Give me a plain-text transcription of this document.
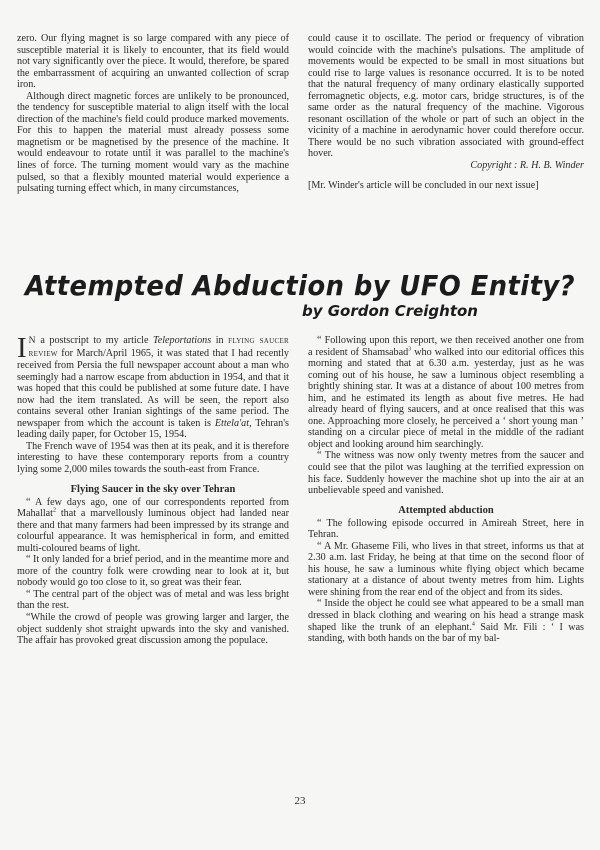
zero. Our flying magnet is so large compared with any piece of susceptible material it is likely to encounter, that its field would not vary significantly over the piece. It would, therefore, be spared the embarrassment of acquiring an unwanted collection of scrap iron.

Although direct magnetic forces are unlikely to be pronounced, the tendency for susceptible material to align itself with the local direction of the machine's field could produce marked movements. For this to happen the material must already possess some magnetism or be magnetised by the presence of the machine. It would endeavour to rotate until it was parallel to the machine's lines of force. The turning moment would vary as the machine pulsed, so that a flexibly mounted material would experience a pulsating turning effect which, in many circumstances,

could cause it to oscillate. The period or frequency of vibration would coincide with the machine's pulsations. The amplitude of movements would be expected to be small in most situations but could rise to large values is resonance occurred. It is to be noted that the natural frequency of many ordinary elastically supported ferromagnetic objects, e.g. motor cars, bridge structures, is of the same order as the natural frequency of the machine. Vigorous resonant oscillation of the whole or part of such an object in the vicinity of a machine in aerodynamic hover could therefore occur. There would be no such vibration associated with ground-effect hover.

Copyright : R. H. B. Winder

[Mr. Winder's article will be concluded in our next issue]

Attempted Abduction by UFO Entity?
by Gordon Creighton

I N a postscript to my article Teleportations in flying saucer review for March/April 1965, it was stated that I had recently received from Persia the full newspaper account about a man who seemingly had a narrow escape from abduction in 1954, and that it was hoped that this could be published at some future date. I have now had the item translated. As will be seen, the report also contains several other Iranian sightings of the same period. The newspaper from which the account is taken is Ettela'at, Tehran's leading daily paper, for October 15, 1954.

The French wave of 1954 was then at its peak, and it is therefore interesting to have these contemporary reports from a country lying some 2,000 miles towards the south-east from France.

Flying Saucer in the sky over Tehran

“ A few days ago, one of our correspondents reported from Mahallat$^2$ that a marvellously luminous object had landed near there and that many farmers had been impressed by its strange and colourful appearance. It was hemispherical in form, and emitted multi-coloured beams of light.

“ It only landed for a brief period, and in the meantime more and more of the country folk were crowding near to look at it, but nobody would go too close to it, so great was their fear.

“ The central part of the object was of metal and was less bright than the rest.

“While the crowd of people was growing larger and larger, the object suddenly shot straight upwards into the sky and vanished. The affair has provoked great discussion among the populace.

“ Following upon this report, we then received another one from a resident of Shamsabad$^3$ who walked into our editorial offices this morning and stated that at 6.30 a.m. yesterday, just as he was coming out of his house, he saw a luminous object resembling a brightly shining star. It was at a distance of about 100 metres from him, and he estimated its length as about five metres. He had already heard of flying saucers, and at once realised that this was one. Approaching more closely, he perceived a ‘ short young man ’ standing on a circular piece of metal in the middle of the radiant object and looking around him searchingly.

“ The witness was now only twenty metres from the saucer and could see that the pilot was laughing at the terrified expression on his face. Suddenly however the machine shot up into the air at an unbelievable speed and vanished.

Attempted abduction

“ The following episode occurred in Amireah Street, here in Tehran.

“ A Mr. Ghaseme Fili, who lives in that street, informs us that at 2.30 a.m. last Friday, he being at that time on the second floor of his house, he saw a luminous white flying object which became stationary at a distance of about twenty metres from him. Lights were shining from the rear end of the object and from its sides.

“ Inside the object he could see what appeared to be a small man dressed in black clothing and wearing on his head a strange mask shaped like the trunk of an elephant.$^4$ Said Mr. Fili : ‘ I was standing, with both hands on the bar of my bal-

23
